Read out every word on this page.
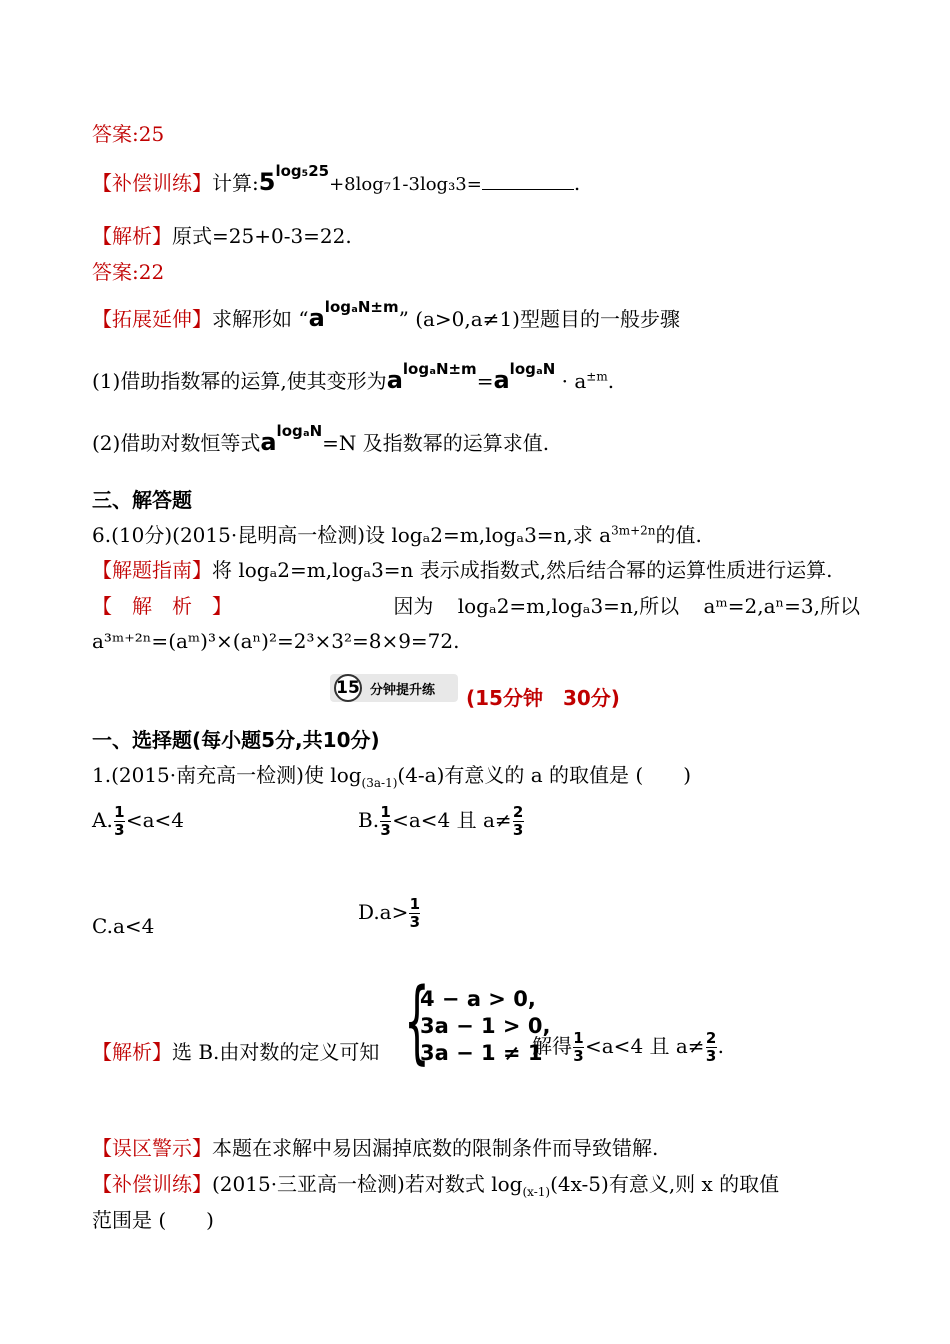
答案:25
【补偿训练】计算$:5^{log_525}+8\log_71-3\log_33=$	.
【解析】原式=25+0-3=22.
答案:22
【拓展延伸】求解形如 “$a^{log_aN\pm m}$” (a>0,a≠1)型题目的一般步骤
(1)借助指数幂的运算,使其变形为$a^{log_aN\pm m}=a^{log_aN} \cdot a^{\pm m}$.
(2)借助对数恒等式$a^{log_aN}=N$ 及指数幂的运算求值.
三、解答题
6.(10分)(2015·昆明高一检测)设 logₐ2=m,logₐ3=n,求 $a^{3m+2n}$的值.
【解题指南】将 logₐ2=m,logₐ3=n 表示成指数式,然后结合幂的运算性质进行运算.
【解析】	因为 logₐ2=m,logₐ3=n,所以 aᵐ=2,aⁿ=3,所以
a³ᵐ⁺²ⁿ=(aᵐ)³×(aⁿ)²=2³×3²=8×9=72.
15 分钟提升练 (15分钟　30分)
一、选择题(每小题5分,共10分)
1.(2015·南充高一检测)使 $\log_{(3a-1)}(4-a)$有意义的 a 的取值是 (　　)
A. $\frac{1}{3} <a<4$	B. $\frac{1}{3} <a<4$ 且 $a\ne \frac{2}{3}$
C.a<4
$D.a> \frac{1}{3}$
{
4 − a > 0,
3a − 1 > 0,
3a − 1 ≠ 1
【解析】选 B.由对数的定义可知	解得 $\frac{1}{3} <a<4$ 且 $a\ne \frac{2}{3}$ .
【误区警示】本题在求解中易因漏掉底数的限制条件而导致错解.
【补偿训练】(2015·三亚高一检测)若对数式 $\log_{(x-1)}(4x-5)$有意义,则 x 的取值
范围是 (　　)
